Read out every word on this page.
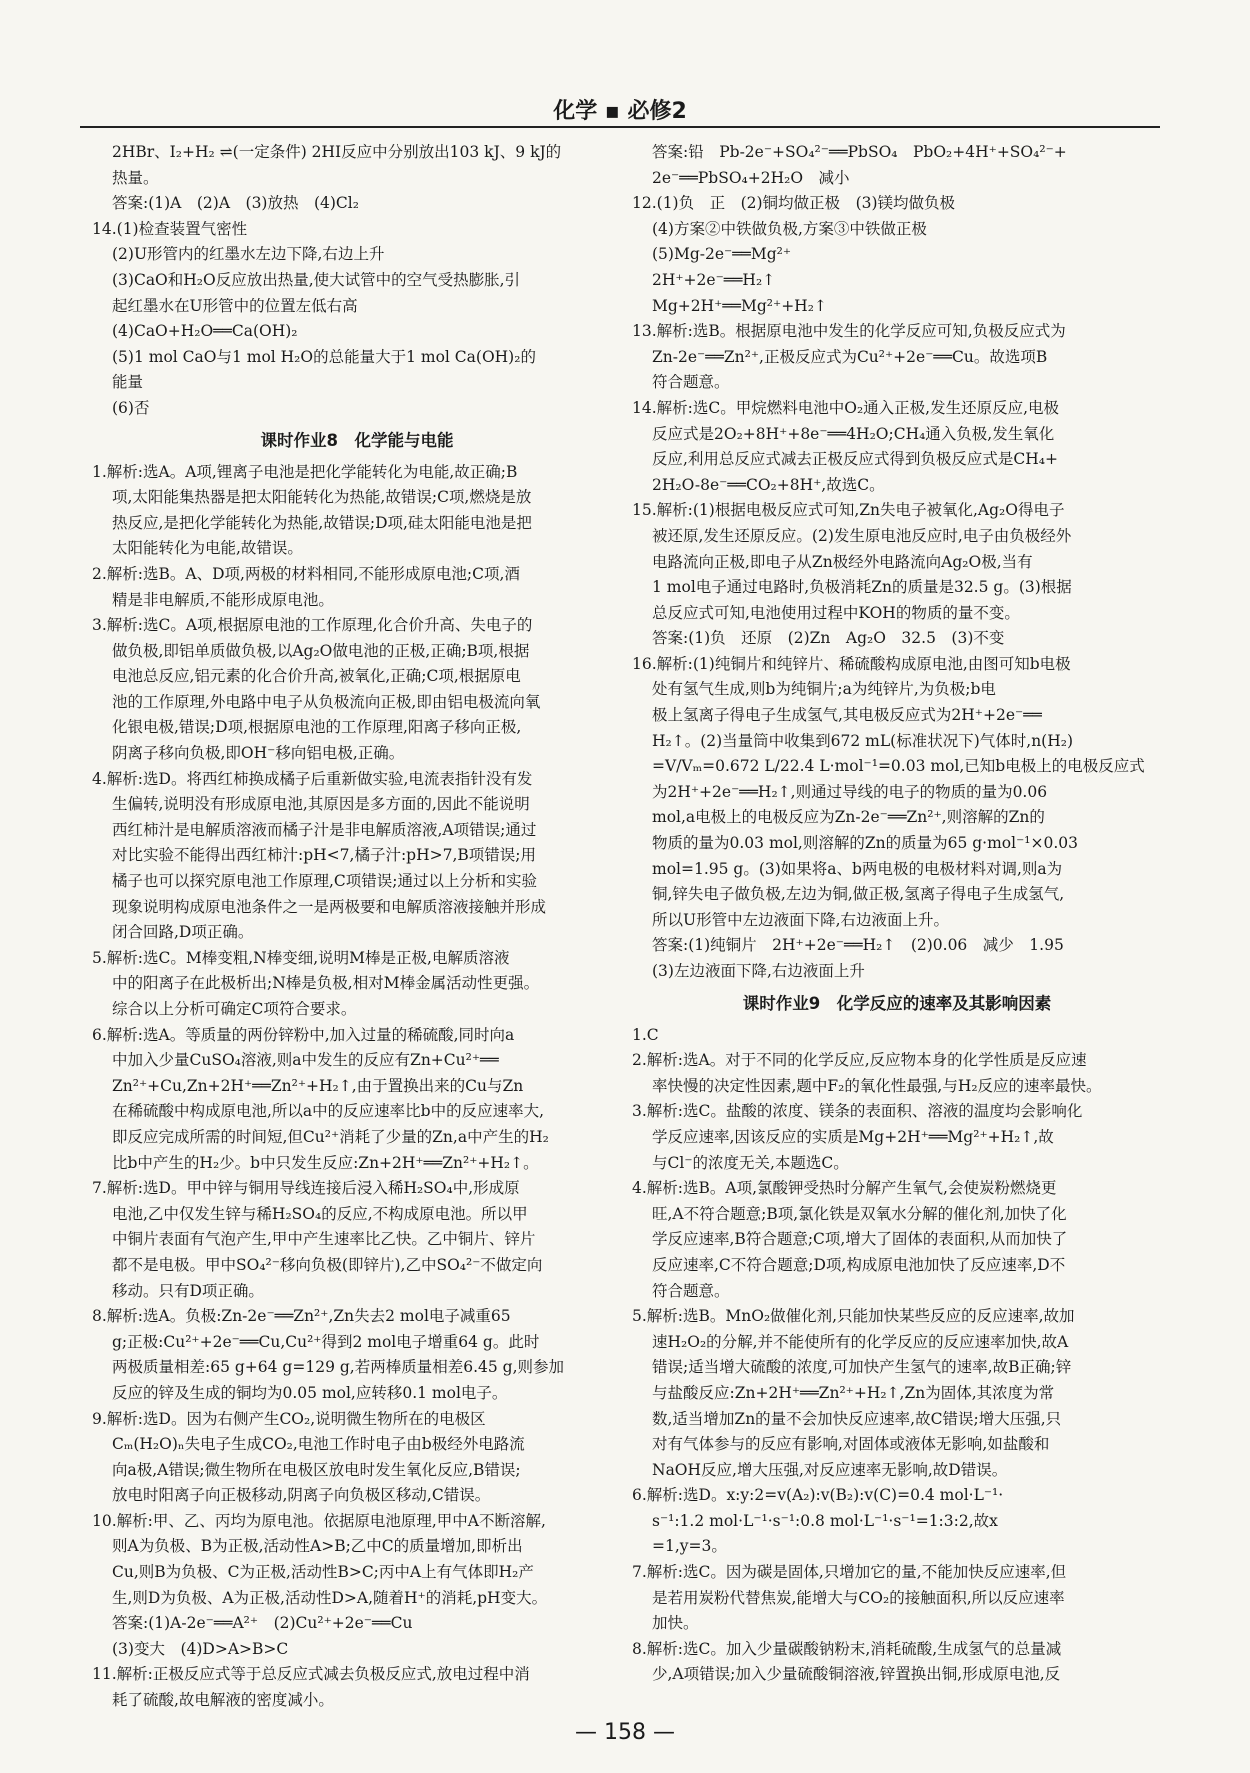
化学 ▪ 必修2
2HBr、I₂+H₂ ⇌(一定条件) 2HI反应中分别放出103 kJ、9 kJ的
热量。
答案:(1)A　(2)A　(3)放热　(4)Cl₂
14.(1)检查装置气密性
(2)U形管内的红墨水左边下降,右边上升
(3)CaO和H₂O反应放出热量,使大试管中的空气受热膨胀,引
起红墨水在U形管中的位置左低右高
(4)CaO+H₂O══Ca(OH)₂
(5)1 mol CaO与1 mol H₂O的总能量大于1 mol Ca(OH)₂的
能量
(6)否
课时作业8　化学能与电能
1.解析:选A。A项,锂离子电池是把化学能转化为电能,故正确;B
项,太阳能集热器是把太阳能转化为热能,故错误;C项,燃烧是放
热反应,是把化学能转化为热能,故错误;D项,硅太阳能电池是把
太阳能转化为电能,故错误。
2.解析:选B。A、D项,两极的材料相同,不能形成原电池;C项,酒
精是非电解质,不能形成原电池。
3.解析:选C。A项,根据原电池的工作原理,化合价升高、失电子的
做负极,即铝单质做负极,以Ag₂O做电池的正极,正确;B项,根据
电池总反应,铝元素的化合价升高,被氧化,正确;C项,根据原电
池的工作原理,外电路中电子从负极流向正极,即由铝电极流向氧
化银电极,错误;D项,根据原电池的工作原理,阳离子移向正极,
阴离子移向负极,即OH⁻移向铝电极,正确。
4.解析:选D。将西红柿换成橘子后重新做实验,电流表指针没有发
生偏转,说明没有形成原电池,其原因是多方面的,因此不能说明
西红柿汁是电解质溶液而橘子汁是非电解质溶液,A项错误;通过
对比实验不能得出西红柿汁:pH<7,橘子汁:pH>7,B项错误;用
橘子也可以探究原电池工作原理,C项错误;通过以上分析和实验
现象说明构成原电池条件之一是两极要和电解质溶液接触并形成
闭合回路,D项正确。
5.解析:选C。M棒变粗,N棒变细,说明M棒是正极,电解质溶液
中的阳离子在此极析出;N棒是负极,相对M棒金属活动性更强。
综合以上分析可确定C项符合要求。
6.解析:选A。等质量的两份锌粉中,加入过量的稀硫酸,同时向a
中加入少量CuSO₄溶液,则a中发生的反应有Zn+Cu²⁺══
Zn²⁺+Cu,Zn+2H⁺══Zn²⁺+H₂↑,由于置换出来的Cu与Zn
在稀硫酸中构成原电池,所以a中的反应速率比b中的反应速率大,
即反应完成所需的时间短,但Cu²⁺消耗了少量的Zn,a中产生的H₂
比b中产生的H₂少。b中只发生反应:Zn+2H⁺══Zn²⁺+H₂↑。
7.解析:选D。甲中锌与铜用导线连接后浸入稀H₂SO₄中,形成原
电池,乙中仅发生锌与稀H₂SO₄的反应,不构成原电池。所以甲
中铜片表面有气泡产生,甲中产生速率比乙快。乙中铜片、锌片
都不是电极。甲中SO₄²⁻移向负极(即锌片),乙中SO₄²⁻不做定向
移动。只有D项正确。
8.解析:选A。负极:Zn-2e⁻══Zn²⁺,Zn失去2 mol电子减重65
g;正极:Cu²⁺+2e⁻══Cu,Cu²⁺得到2 mol电子增重64 g。此时
两极质量相差:65 g+64 g=129 g,若两棒质量相差6.45 g,则参加
反应的锌及生成的铜均为0.05 mol,应转移0.1 mol电子。
9.解析:选D。因为右侧产生CO₂,说明微生物所在的电极区
Cₘ(H₂O)ₙ失电子生成CO₂,电池工作时电子由b极经外电路流
向a极,A错误;微生物所在电极区放电时发生氧化反应,B错误;
放电时阳离子向正极移动,阴离子向负极区移动,C错误。
10.解析:甲、乙、丙均为原电池。依据原电池原理,甲中A不断溶解,
则A为负极、B为正极,活动性A>B;乙中C的质量增加,即析出
Cu,则B为负极、C为正极,活动性B>C;丙中A上有气体即H₂产
生,则D为负极、A为正极,活动性D>A,随着H⁺的消耗,pH变大。
答案:(1)A-2e⁻══A²⁺　(2)Cu²⁺+2e⁻══Cu
(3)变大　(4)D>A>B>C
11.解析:正极反应式等于总反应式减去负极反应式,放电过程中消
耗了硫酸,故电解液的密度减小。
答案:铅　Pb-2e⁻+SO₄²⁻══PbSO₄　PbO₂+4H⁺+SO₄²⁻+
2e⁻══PbSO₄+2H₂O　减小
12.(1)负　正　(2)铜均做正极　(3)镁均做负极
(4)方案②中铁做负极,方案③中铁做正极
(5)Mg-2e⁻══Mg²⁺
2H⁺+2e⁻══H₂↑
Mg+2H⁺══Mg²⁺+H₂↑
13.解析:选B。根据原电池中发生的化学反应可知,负极反应式为
Zn-2e⁻══Zn²⁺,正极反应式为Cu²⁺+2e⁻══Cu。故选项B
符合题意。
14.解析:选C。甲烷燃料电池中O₂通入正极,发生还原反应,电极
反应式是2O₂+8H⁺+8e⁻══4H₂O;CH₄通入负极,发生氧化
反应,利用总反应式减去正极反应式得到负极反应式是CH₄+
2H₂O-8e⁻══CO₂+8H⁺,故选C。
15.解析:(1)根据电极反应式可知,Zn失电子被氧化,Ag₂O得电子
被还原,发生还原反应。(2)发生原电池反应时,电子由负极经外
电路流向正极,即电子从Zn极经外电路流向Ag₂O极,当有
1 mol电子通过电路时,负极消耗Zn的质量是32.5 g。(3)根据
总反应式可知,电池使用过程中KOH的物质的量不变。
答案:(1)负　还原　(2)Zn　Ag₂O　32.5　(3)不变
16.解析:(1)纯铜片和纯锌片、稀硫酸构成原电池,由图可知b电极
处有氢气生成,则b为纯铜片;a为纯锌片,为负极;b电
极上氢离子得电子生成氢气,其电极反应式为2H⁺+2e⁻══
H₂↑。(2)当量筒中收集到672 mL(标准状况下)气体时,n(H₂)
=V/Vₘ=0.672 L/22.4 L·mol⁻¹=0.03 mol,已知b电极上的电极反应式
为2H⁺+2e⁻══H₂↑,则通过导线的电子的物质的量为0.06
mol,a电极上的电极反应为Zn-2e⁻══Zn²⁺,则溶解的Zn的
物质的量为0.03 mol,则溶解的Zn的质量为65 g·mol⁻¹×0.03
mol=1.95 g。(3)如果将a、b两电极的电极材料对调,则a为
铜,锌失电子做负极,左边为铜,做正极,氢离子得电子生成氢气,
所以U形管中左边液面下降,右边液面上升。
答案:(1)纯铜片　2H⁺+2e⁻══H₂↑　(2)0.06　减少　1.95
(3)左边液面下降,右边液面上升
课时作业9　化学反应的速率及其影响因素
1.C
2.解析:选A。对于不同的化学反应,反应物本身的化学性质是反应速
率快慢的决定性因素,题中F₂的氧化性最强,与H₂反应的速率最快。
3.解析:选C。盐酸的浓度、镁条的表面积、溶液的温度均会影响化
学反应速率,因该反应的实质是Mg+2H⁺══Mg²⁺+H₂↑,故
与Cl⁻的浓度无关,本题选C。
4.解析:选B。A项,氯酸钾受热时分解产生氧气,会使炭粉燃烧更
旺,A不符合题意;B项,氯化铁是双氧水分解的催化剂,加快了化
学反应速率,B符合题意;C项,增大了固体的表面积,从而加快了
反应速率,C不符合题意;D项,构成原电池加快了反应速率,D不
符合题意。
5.解析:选B。MnO₂做催化剂,只能加快某些反应的反应速率,故加
速H₂O₂的分解,并不能使所有的化学反应的反应速率加快,故A
错误;适当增大硫酸的浓度,可加快产生氢气的速率,故B正确;锌
与盐酸反应:Zn+2H⁺══Zn²⁺+H₂↑,Zn为固体,其浓度为常
数,适当增加Zn的量不会加快反应速率,故C错误;增大压强,只
对有气体参与的反应有影响,对固体或液体无影响,如盐酸和
NaOH反应,增大压强,对反应速率无影响,故D错误。
6.解析:选D。x:y:2=v(A₂):v(B₂):v(C)=0.4 mol·L⁻¹·
s⁻¹:1.2 mol·L⁻¹·s⁻¹:0.8 mol·L⁻¹·s⁻¹=1:3:2,故x
=1,y=3。
7.解析:选C。因为碳是固体,只增加它的量,不能加快反应速率,但
是若用炭粉代替焦炭,能增大与CO₂的接触面积,所以反应速率
加快。
8.解析:选C。加入少量碳酸钠粉末,消耗硫酸,生成氢气的总量减
少,A项错误;加入少量硫酸铜溶液,锌置换出铜,形成原电池,反
— 158 —
